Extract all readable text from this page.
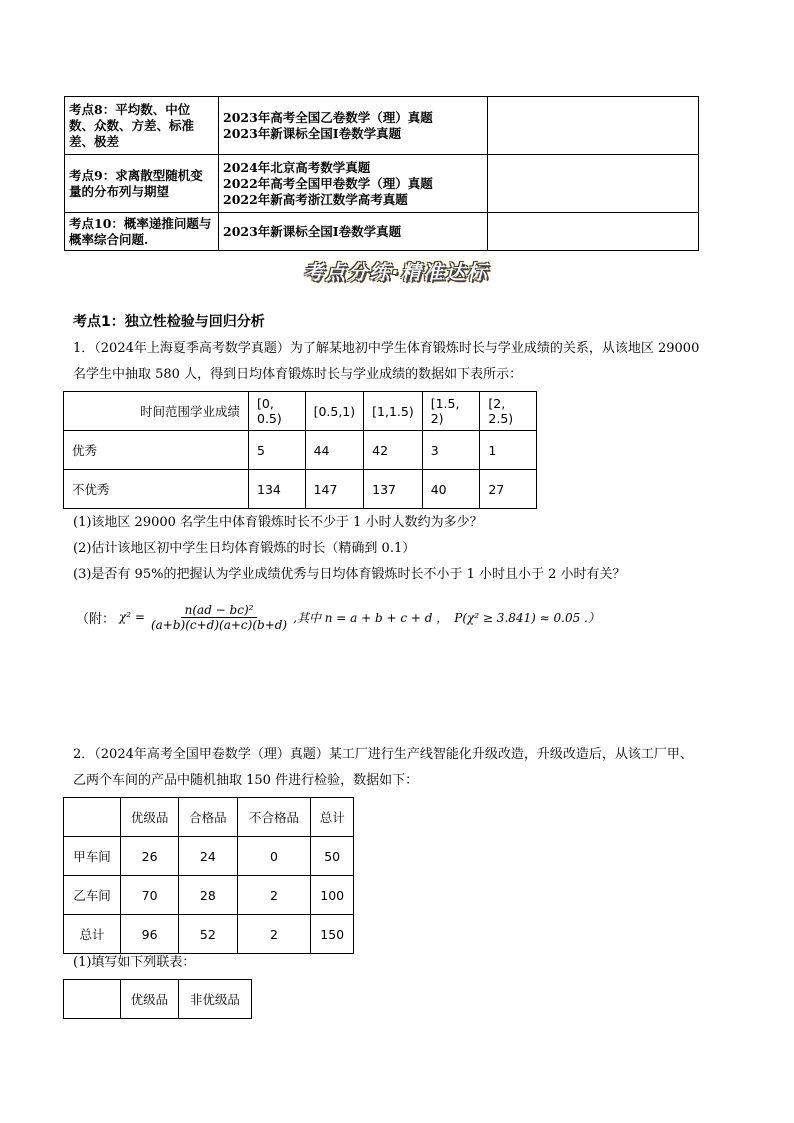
考点8：平均数、中位数、众数、方差、标准差、极差	2023年高考全国乙卷数学（理）真题
2023年新课标全国Ⅰ卷数学真题	

考点9：求离散型随机变量的分布列与期望	2024年北京高考数学真题
2022年高考全国甲卷数学（理）真题
2022年新高考浙江数学高考真题	

考点10：概率递推问题与概率综合问题.	2023年新课标全国Ⅰ卷数学真题	

考点分练·精准达标
考点1：独立性检验与回归分析
1．（2024年上海夏季高考数学真题）为了解某地初中学生体育锻炼时长与学业成绩的关系，从该地区 29000
名学生中抽取 580 人，得到日均体育锻炼时长与学业成绩的数据如下表所示：
时间范围学业成绩	[0, 0.5)	[0.5,1)	[1,1.5)	[1.5, 2)	[2, 2.5)
优秀	5	44	42	3	1
不优秀	134	147	137	40	27
(1)该地区 29000 名学生中体育锻炼时长不少于 1 小时人数约为多少？
(2)估计该地区初中学生日均体育锻炼的时长（精确到 0.1）
(3)是否有 95%的把握认为学业成绩优秀与日均体育锻炼时长不小于 1 小时且小于 2 小时有关？
（附： $\chi^2 = \frac{\text{n(ad − bc)²}}{(a+b)(c+d)(a+c)(b+d)}$ ,其中 n = a + b + c + d ， P(χ² ≥ 3.841) ≈ 0.05 .）
2．（2024年高考全国甲卷数学（理）真题）某工厂进行生产线智能化升级改造，升级改造后，从该工厂甲、
乙两个车间的产品中随机抽取 150 件进行检验，数据如下：
	优级品	合格品	不合格品	总计
甲车间	26	24	0	50
乙车间	70	28	2	100
总计	96	52	2	150
(1)填写如下列联表：
	优级品	非优级品
